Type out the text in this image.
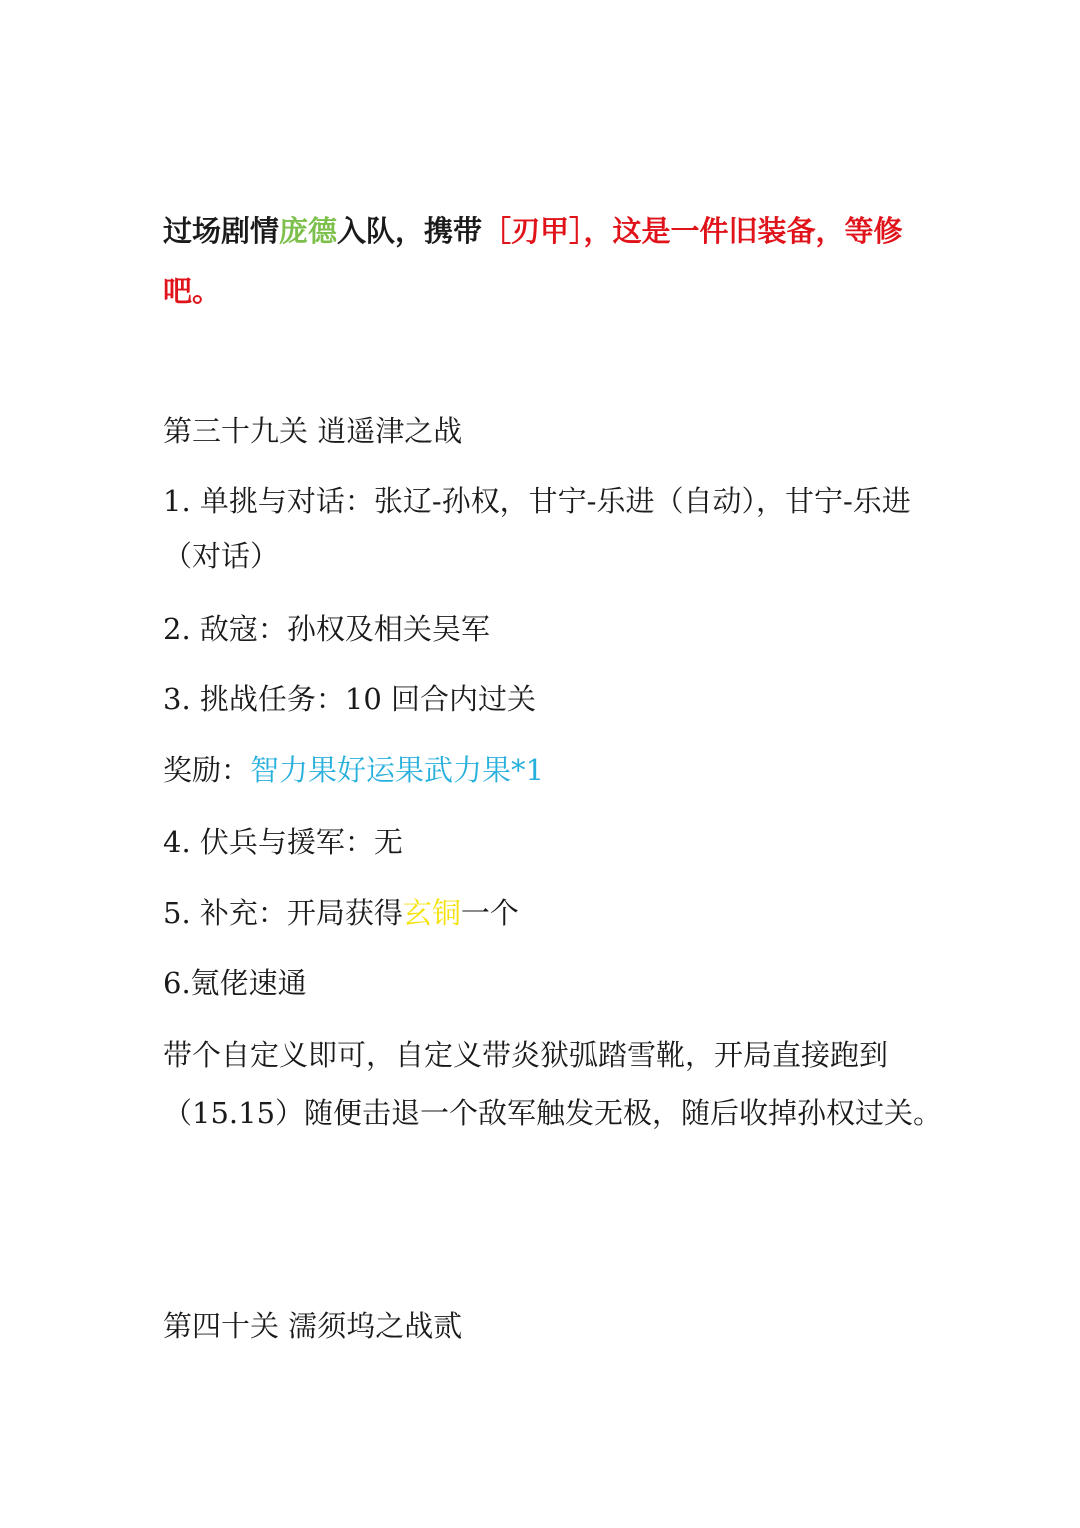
过场剧情庞德入队，携带［刃甲］，这是一件旧装备，等修
吧。
第三十九关 逍遥津之战
1. 单挑与对话：张辽-孙权，甘宁-乐进（自动），甘宁-乐进
（对话）
2. 敌寇：孙权及相关吴军
3. 挑战任务：10 回合内过关
奖励：智力果好运果武力果*1
4. 伏兵与援军：无
5. 补充：开局获得玄铜一个
6.氪佬速通
带个自定义即可，自定义带炎狱弧踏雪靴，开局直接跑到
（15.15）随便击退一个敌军触发无极，随后收掉孙权过关。
第四十关 濡须坞之战贰
